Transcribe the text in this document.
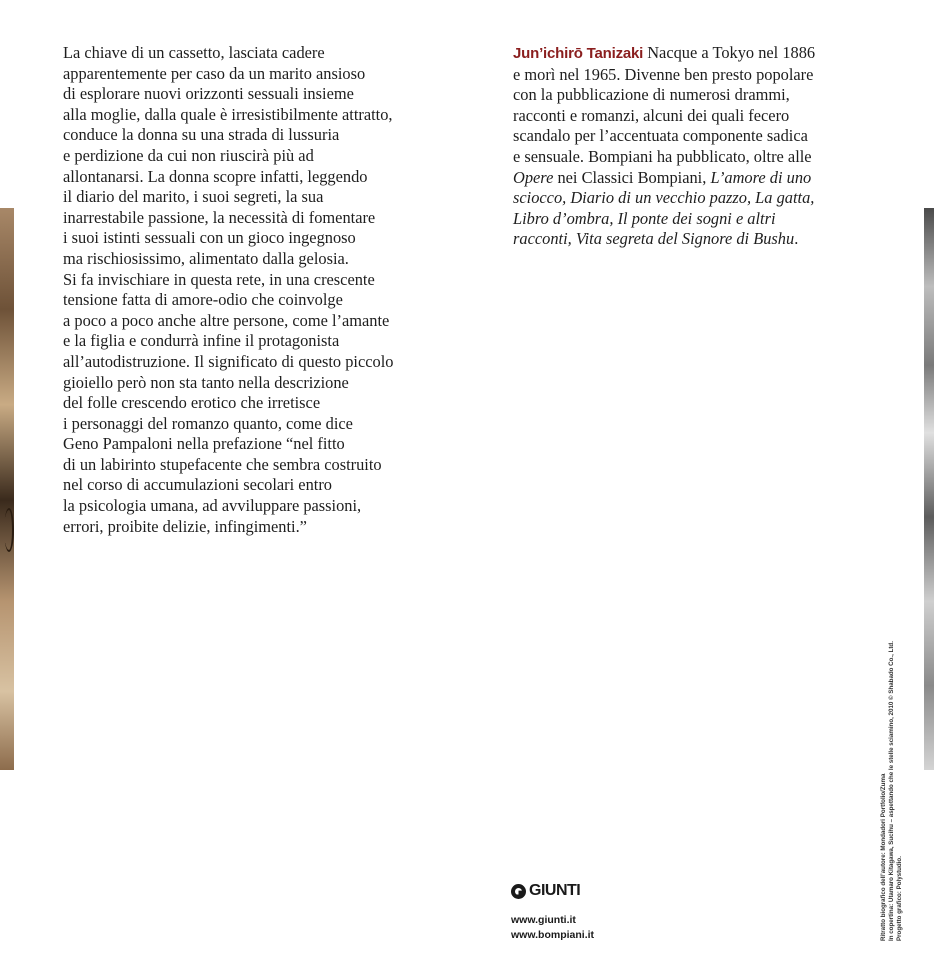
La chiave di un cassetto, lasciata cadere
apparentemente per caso da un marito ansioso
di esplorare nuovi orizzonti sessuali insieme
alla moglie, dalla quale è irresistibilmente attratto,
conduce la donna su una strada di lussuria
e perdizione da cui non riuscirà più ad
allontanarsi. La donna scopre infatti, leggendo
il diario del marito, i suoi segreti, la sua
inarrestabile passione, la necessità di fomentare
i suoi istinti sessuali con un gioco ingegnoso
ma rischiosissimo, alimentato dalla gelosia.
Si fa invischiare in questa rete, in una crescente
tensione fatta di amore-odio che coinvolge
a poco a poco anche altre persone, come l’amante
e la figlia e condurrà infine il protagonista
all’autodistruzione. Il significato di questo piccolo
gioiello però non sta tanto nella descrizione
del folle crescendo erotico che irretisce
i personaggi del romanzo quanto, come dice
Geno Pampaloni nella prefazione “nel fitto
di un labirinto stupefacente che sembra costruito
nel corso di accumulazioni secolari entro
la psicologia umana, ad avviluppare passioni,
errori, proibite delizie, infingimenti.”
Jun’ichirō Tanizaki Nacque a Tokyo nel 1886
e morì nel 1965. Divenne ben presto popolare
con la pubblicazione di numerosi drammi,
racconti e romanzi, alcuni dei quali fecero
scandalo per l’accentuata componente sadica
e sensuale. Bompiani ha pubblicato, oltre alle
Opere nei Classici Bompiani, L’amore di uno
sciocco, Diario di un vecchio pazzo, La gatta,
Libro d’ombra, Il ponte dei sogni e altri
racconti, Vita segreta del Signore di Bushu.
GIUNTI
www.giunti.it
www.bompiani.it	Ritratto biografico dell’autore: Mondadori Portfolio/Zuma In copertina: Utamaro Kitagawa, Sucihu – aspettando che le stelle sciamino, 2010 © Shabado Co., Ltd. Progetto grafico: Polystudio.
